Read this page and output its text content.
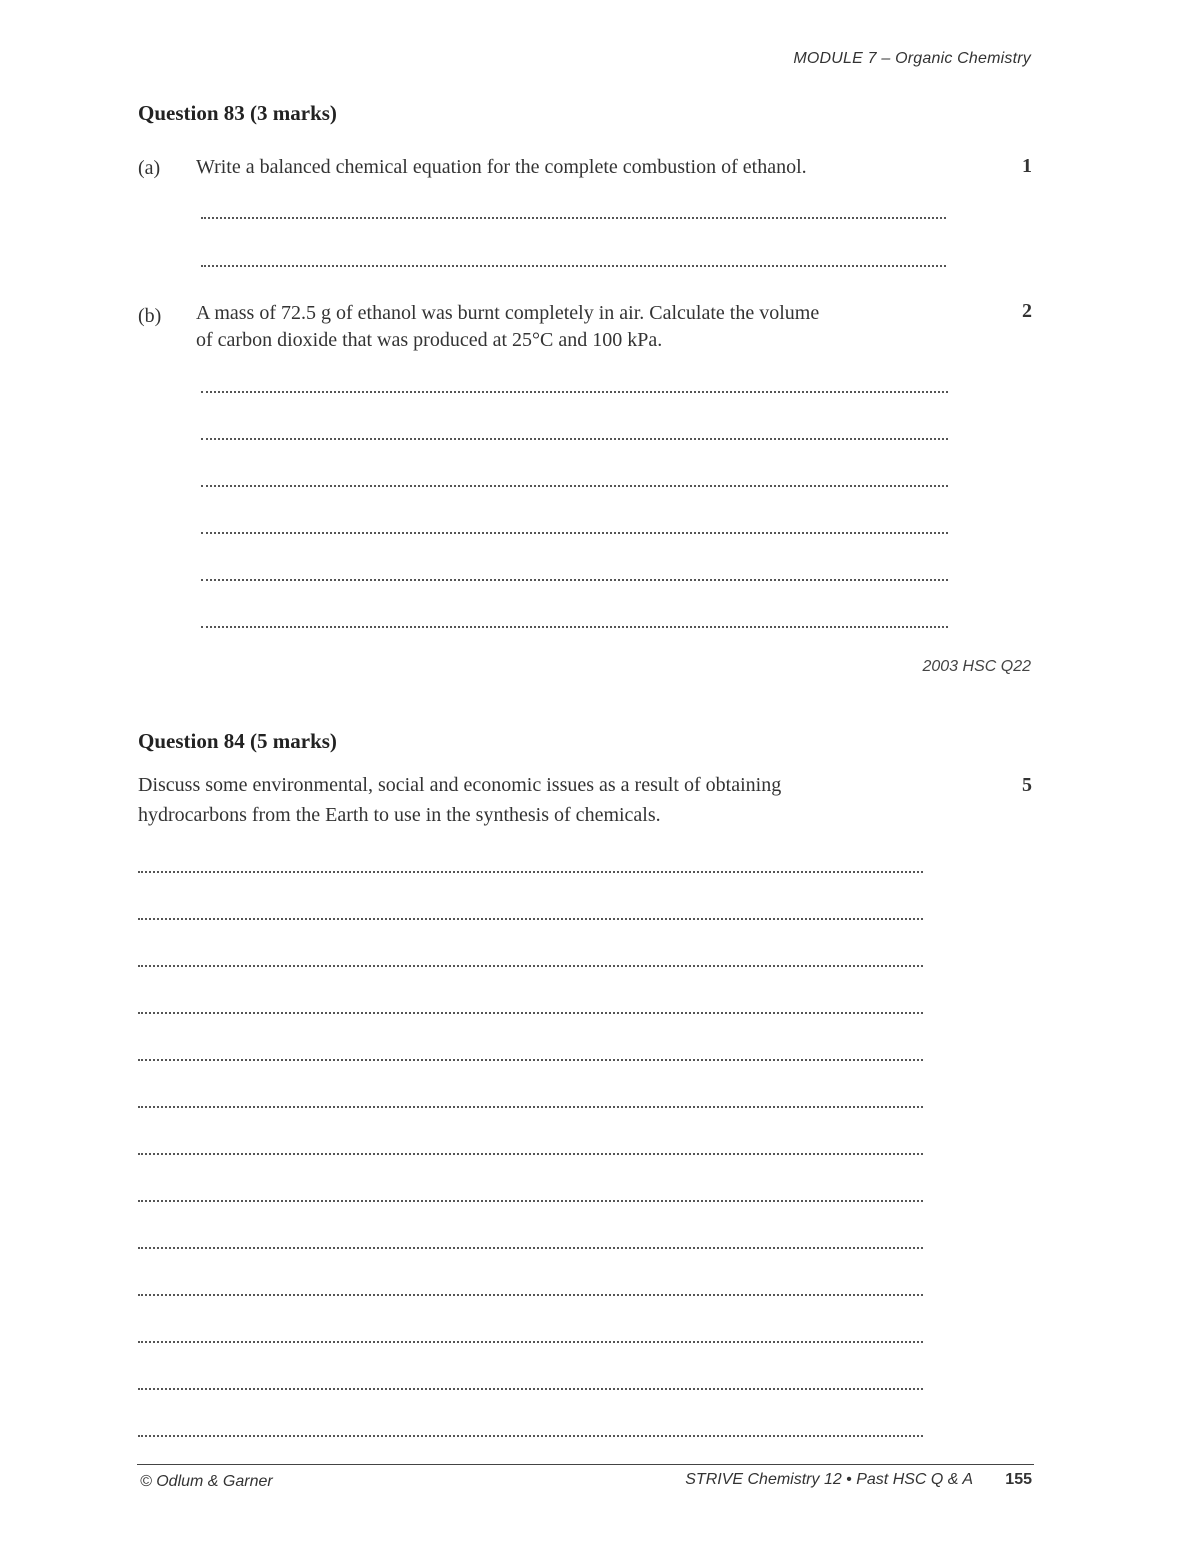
MODULE 7 – Organic Chemistry
Question 83 (3 marks)
(a) Write a balanced chemical equation for the complete combustion of ethanol.	1
(b) A mass of 72.5 g of ethanol was burnt completely in air. Calculate the volume
of carbon dioxide that was produced at 25°C and 100 kPa.
2
2003 HSC Q22
Question 84 (5 marks)
Discuss some environmental, social and economic issues as a result of obtaining
hydrocarbons from the Earth to use in the synthesis of chemicals.
5
© Odlum & Garner	STRIVE Chemistry 12 • Past HSC Q & A 155
